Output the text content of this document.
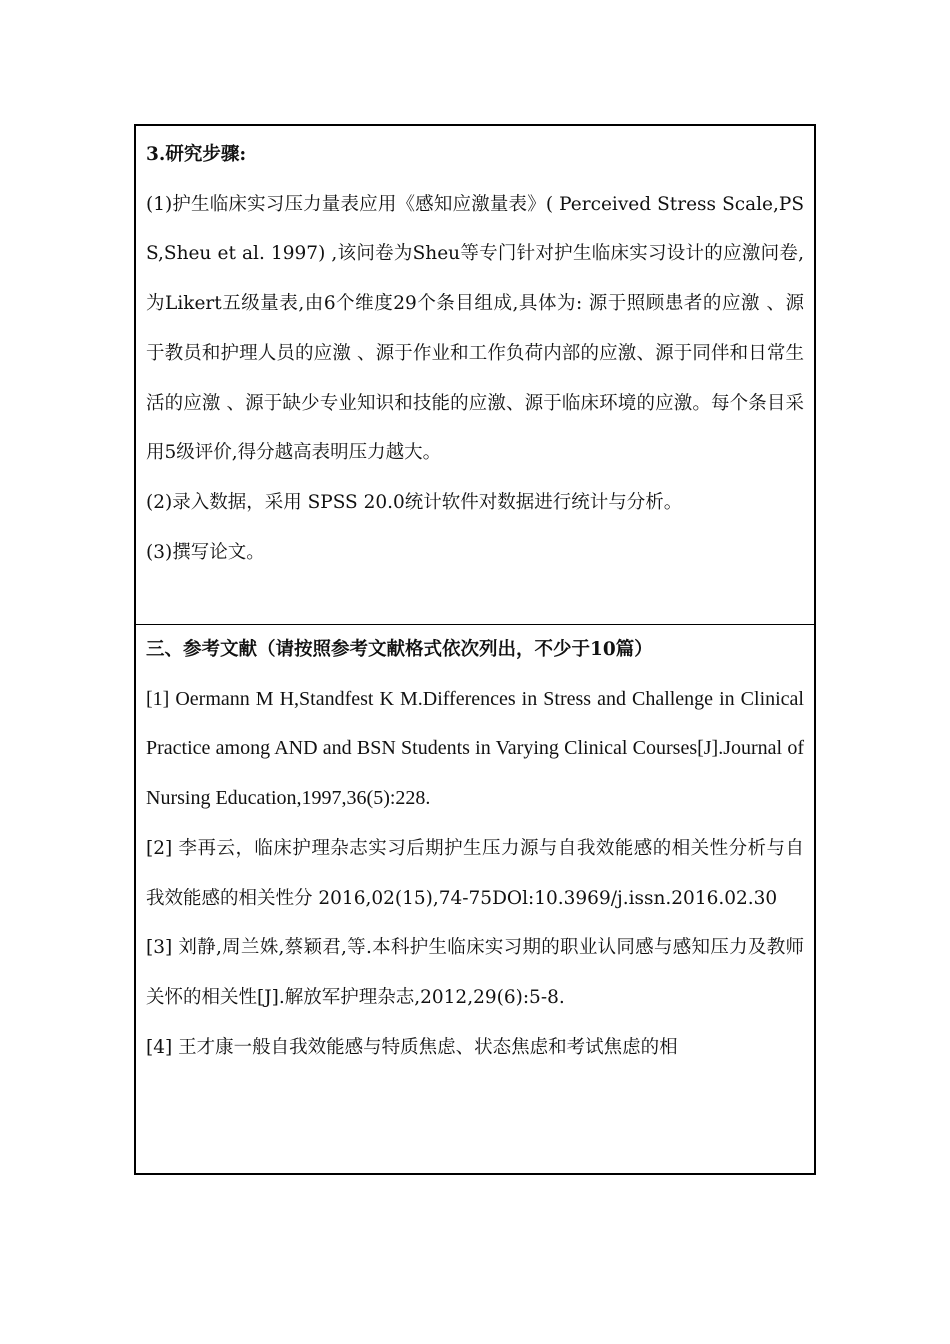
3.研究步骤:

(1)护生临床实习压力量表应用《感知应激量表》( Perceived Stress Scale,PSS,Sheu et al. 1997) ,该问卷为Sheu等专门针对护生临床实习设计的应激问卷,为Likert五级量表,由6个维度29个条目组成,具体为: 源于照顾患者的应激 、源于教员和护理人员的应激 、源于作业和工作负荷内部的应激、源于同伴和日常生活的应激 、源于缺少专业知识和技能的应激、源于临床环境的应激。每个条目采用5级评价,得分越高表明压力越大。

(2)录入数据，采用 SPSS 20.0统计软件对数据进行统计与分析。

(3)撰写论文。

三、参考文献（请按照参考文献格式依次列出，不少于10篇）

[1] Oermann M H,Standfest K M.Differences in Stress and Challenge in Clinical Practice among AND and BSN Students in Varying Clinical Courses[J].Journal of Nursing Education,1997,36(5):228.

[2] 李再云，临床护理杂志实习后期护生压力源与自我效能感的相关性分析与自我效能感的相关性分 2016,02(15),74-75DOl:10.3969/j.issn.2016.02.30

[3] 刘静,周兰姝,蔡颖君,等.本科护生临床实习期的职业认同感与感知压力及教师关怀的相关性[J].解放军护理杂志,2012,29(6):5-8.

[4] 王才康一般自我效能感与特质焦虑、状态焦虑和考试焦虑的相
